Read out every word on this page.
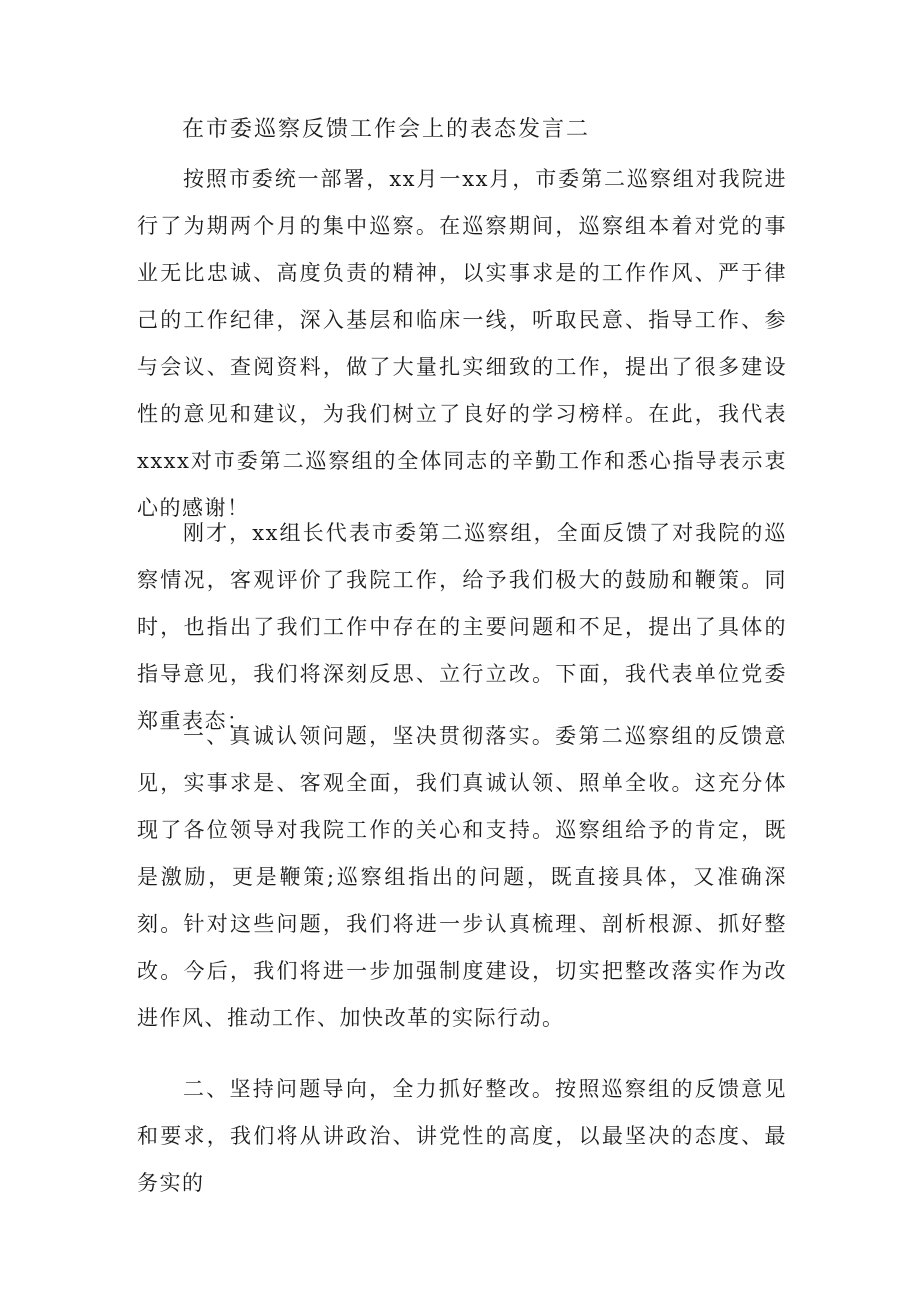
在市委巡察反馈工作会上的表态发言二

按照市委统一部署，xx月一xx月，市委第二巡察组对我院进行了为期两个月的集中巡察。在巡察期间，巡察组本着对党的事业无比忠诚、高度负责的精神，以实事求是的工作作风、严于律己的工作纪律，深入基层和临床一线，听取民意、指导工作、参与会议、查阅资料，做了大量扎实细致的工作，提出了很多建设性的意见和建议，为我们树立了良好的学习榜样。在此，我代表xxxx对市委第二巡察组的全体同志的辛勤工作和悉心指导表示衷心的感谢！

刚才，xx组长代表市委第二巡察组，全面反馈了对我院的巡察情况，客观评价了我院工作，给予我们极大的鼓励和鞭策。同时，也指出了我们工作中存在的主要问题和不足，提出了具体的指导意见，我们将深刻反思、立行立改。下面，我代表单位党委郑重表态：

一、真诚认领问题，坚决贯彻落实。委第二巡察组的反馈意见，实事求是、客观全面，我们真诚认领、照单全收。这充分体现了各位领导对我院工作的关心和支持。巡察组给予的肯定，既是激励，更是鞭策;巡察组指出的问题，既直接具体，又准确深刻。针对这些问题，我们将进一步认真梳理、剖析根源、抓好整改。今后，我们将进一步加强制度建设，切实把整改落实作为改进作风、推动工作、加快改革的实际行动。

二、坚持问题导向，全力抓好整改。按照巡察组的反馈意见和要求，我们将从讲政治、讲党性的高度，以最坚决的态度、最务实的
